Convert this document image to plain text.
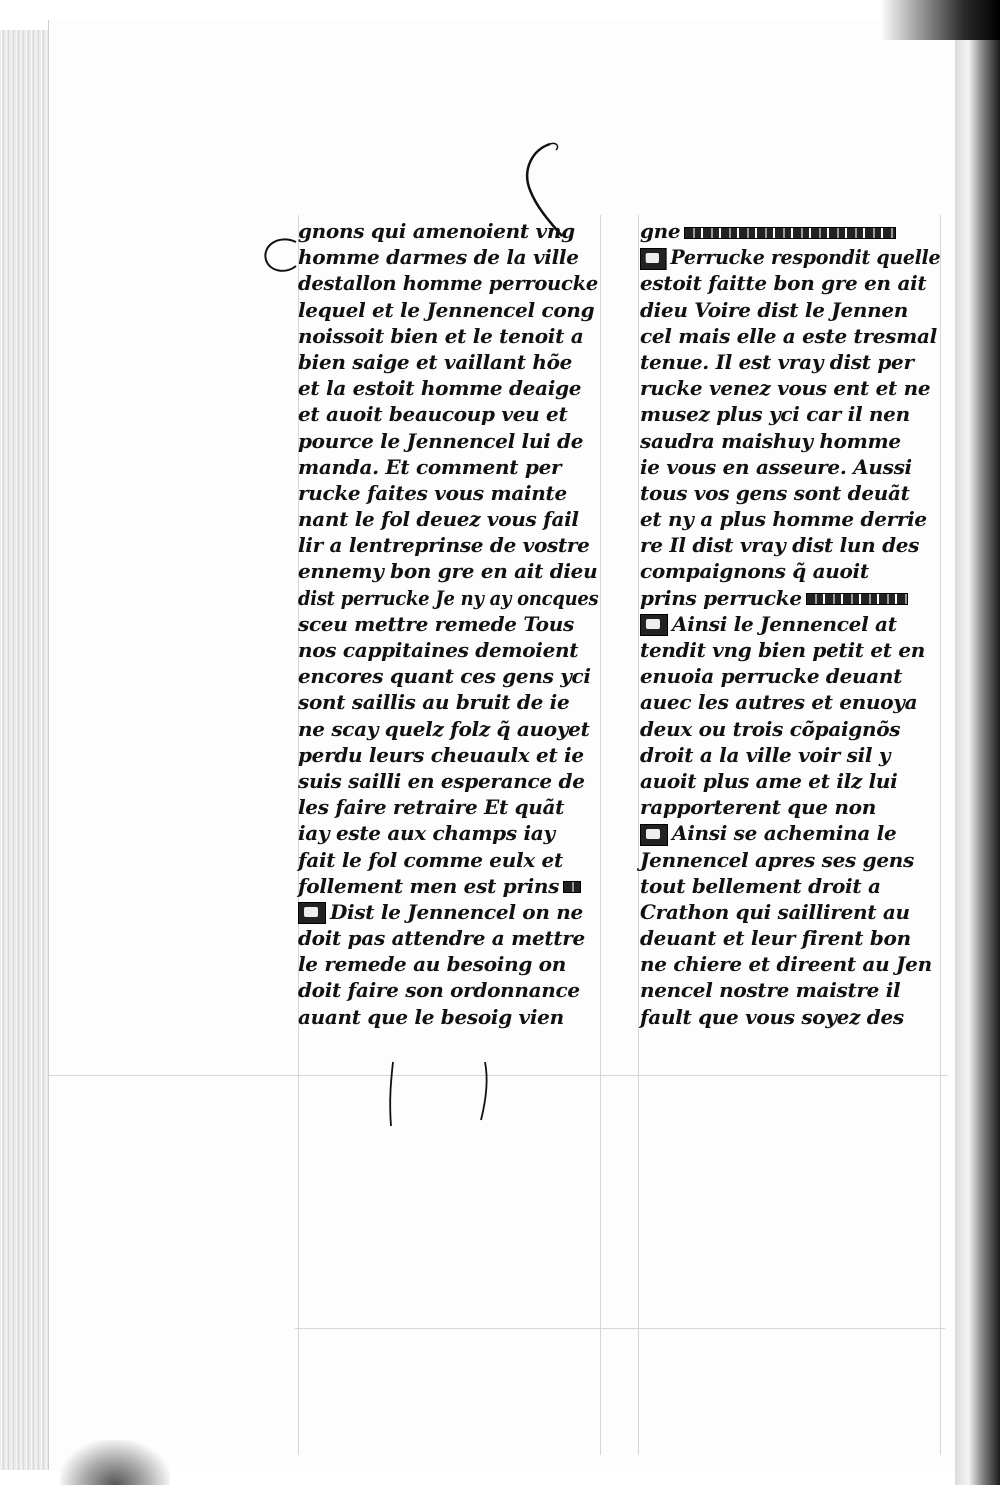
gnons qui amenoient vng
homme darmes de la ville
destallon homme perroucke
lequel et le Jennencel cong
noissoit bien et le tenoit a
bien saige et vaillant hõe
et la estoit homme deaige
et auoit beaucoup veu et
pource le Jennencel lui de
manda. Et comment per
rucke faites vous mainte
nant le fol deuez vous fail
lir a lentreprinse de vostre
ennemy bon gre en ait dieu
dist perrucke Je ny ay oncques
sceu mettre remede Tous
nos cappitaines demoient
encores quant ces gens yci
sont saillis au bruit de ie
ne scay quelz folz q̃ auoyet
perdu leurs cheuaulx et ie
suis sailli en esperance de
les faire retraire Et quãt
iay este aux champs iay
fait le fol comme eulx et
follement men est prins
Dist le Jennencel on ne
doit pas attendre a mettre
le remede au besoing on
doit faire son ordonnance
auant que le besoig vien
gne
Perrucke respondit quelle
estoit faitte bon gre en ait
dieu Voire dist le Jennen
cel mais elle a este tresmal
tenue. Il est vray dist per
rucke venez vous ent et ne
musez plus yci car il nen
saudra maishuy homme
ie vous en asseure. Aussi
tous vos gens sont deuãt
et ny a plus homme derrie
re Il dist vray dist lun des
compaignons q̃ auoit
prins perrucke
Ainsi le Jennencel at
tendit vng bien petit et en
enuoia perrucke deuant
auec les autres et enuoya
deux ou trois cõpaignõs
droit a la ville voir sil y
auoit plus ame et ilz lui
rapporterent que non
Ainsi se achemina le
Jennencel apres ses gens
tout bellement droit a
Crathon qui saillirent au
deuant et leur firent bon
ne chiere et direent au Jen
nencel nostre maistre il
fault que vous soyez des
